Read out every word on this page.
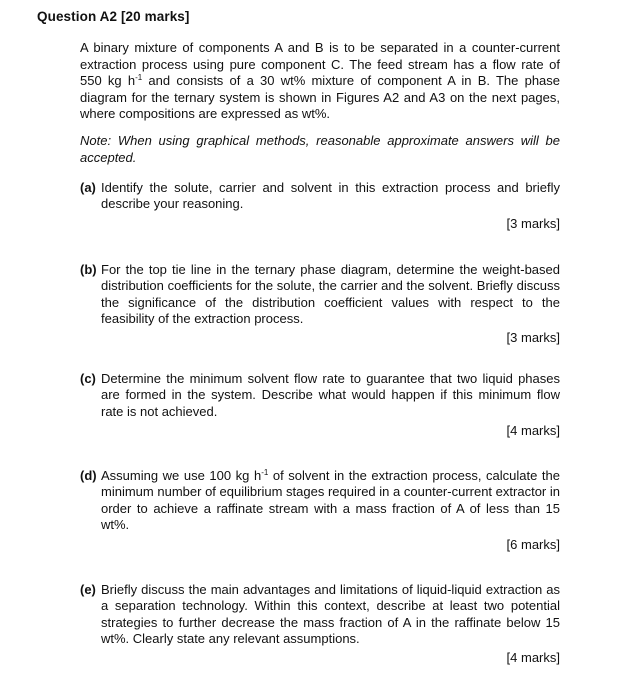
Question A2 [20 marks]
A binary mixture of components A and B is to be separated in a counter-current extraction process using pure component C. The feed stream has a flow rate of 550 kg $h^{-1}$ and consists of a 30 wt% mixture of component A in B. The phase diagram for the ternary system is shown in Figures A2 and A3 on the next pages, where compositions are expressed as wt%.
Note: When using graphical methods, reasonable approximate answers will be accepted.
(a) Identify the solute, carrier and solvent in this extraction process and briefly describe your reasoning.
[3 marks]
(b) For the top tie line in the ternary phase diagram, determine the weight-based distribution coefficients for the solute, the carrier and the solvent. Briefly discuss the significance of the distribution coefficient values with respect to the feasibility of the extraction process.
[3 marks]
(c) Determine the minimum solvent flow rate to guarantee that two liquid phases are formed in the system. Describe what would happen if this minimum flow rate is not achieved.
[4 marks]
(d) Assuming we use 100 kg $h^{-1}$ of solvent in the extraction process, calculate the minimum number of equilibrium stages required in a counter-current extractor in order to achieve a raffinate stream with a mass fraction of A of less than 15 wt%.
[6 marks]
(e) Briefly discuss the main advantages and limitations of liquid-liquid extraction as a separation technology. Within this context, describe at least two potential strategies to further decrease the mass fraction of A in the raffinate below 15 wt%. Clearly state any relevant assumptions.
[4 marks]
